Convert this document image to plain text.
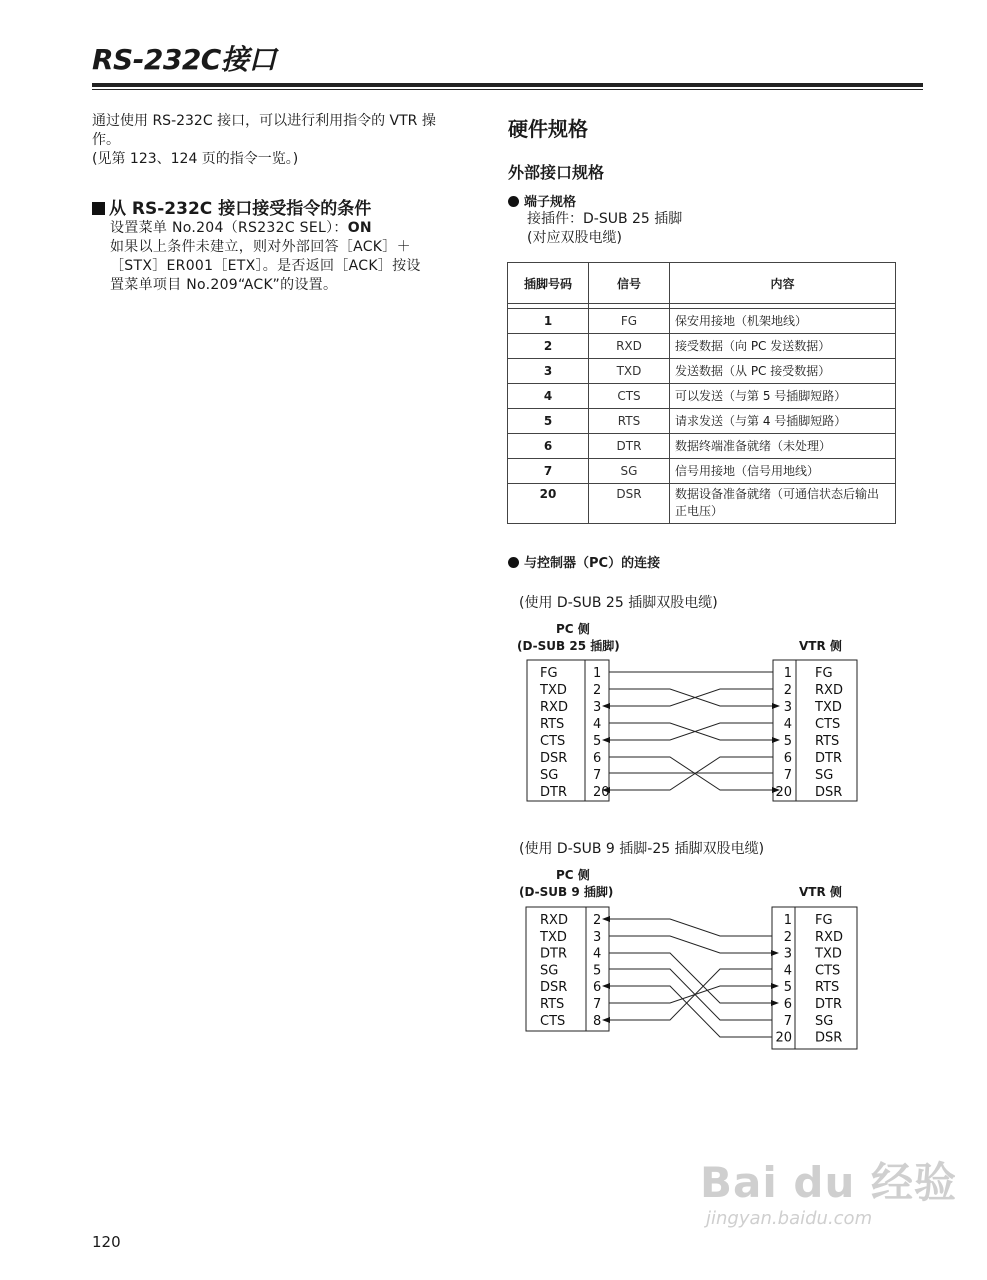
RS-232C接口
通过使用 RS-232C 接口，可以进行利用指令的 VTR 操
作。
(见第 123、124 页的指令一览。)
从 RS-232C 接口接受指令的条件
设置菜单 No.204（RS232C SEL）：ON
如果以上条件未建立，则对外部回答［ACK］＋
［STX］ER001［ETX］。是否返回［ACK］按设
置菜单项目 No.209“ACK”的设置。
硬件规格
外部接口规格
端子规格
接插件：D-SUB 25 插脚
(对应双股电缆)
插脚号码	信号	内容

1	FG	保安用接地（机架地线）
2	RXD	接受数据（向 PC 发送数据）
3	TXD	发送数据（从 PC 接受数据）
4	CTS	可以发送（与第 5 号插脚短路）
5	RTS	请求发送（与第 4 号插脚短路）
6	DTR	数据终端准备就绪（未处理）
7	SG	信号用接地（信号用地线）
20	DSR	数据设备准备就绪（可通信状态后输出正电压）
与控制器（PC）的连接
(使用 D-SUB 25 插脚双股电缆)
PC 侧
(D-SUB 25 插脚)	VTR 侧
FG	1
TXD 2
RXD 3
RTS 4
CTS 5
DSR 6
SG	7
DTR 20
1 FG
2 RXD
3 TXD
4 CTS
5 RTS
6 DTR
7 SG
20 DSR
(使用 D-SUB 9 插脚-25 插脚双股电缆)
PC 侧
(D-SUB 9 插脚)	VTR 侧
RXD 2
TXD 3
DTR 4
SG	5
DSR 6
RTS 7
CTS 8
1 FG
2 RXD
3 TXD
4 CTS
5 RTS
6 DTR
7 SG
20 DSR
Bai du 经验
jingyan.baidu.com
120
